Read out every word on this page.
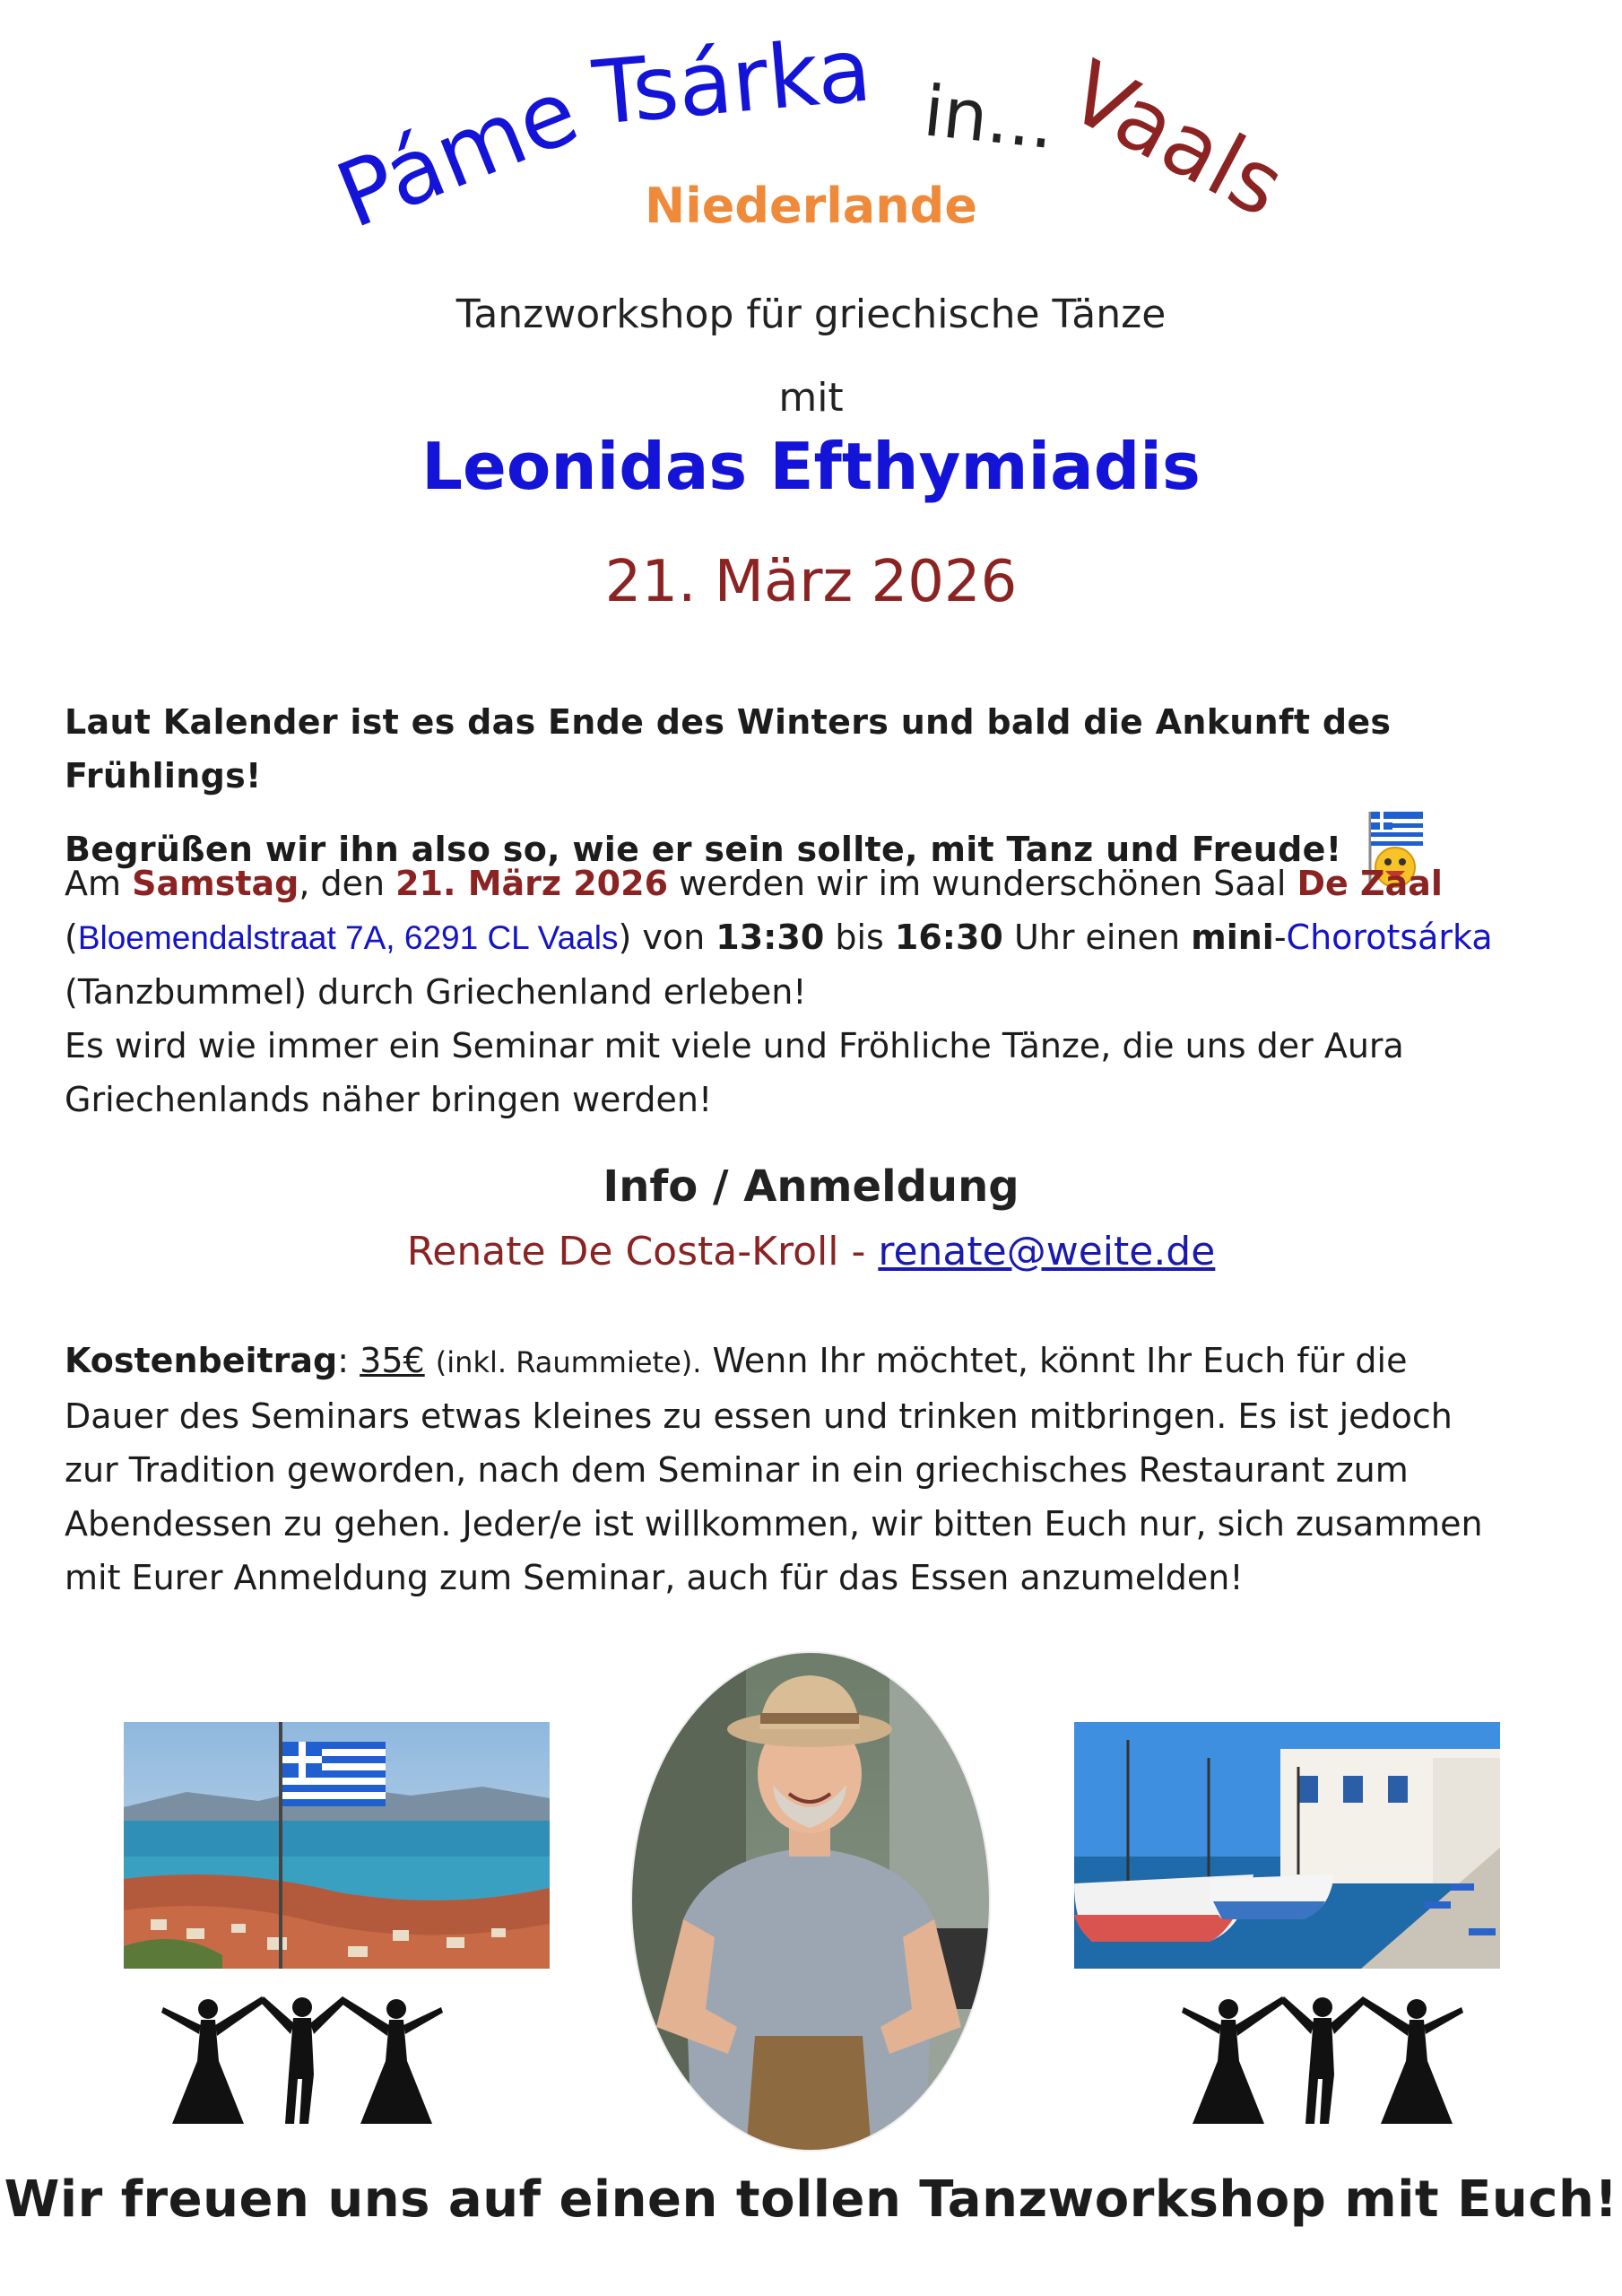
Páme
Tsárka in...
Vaals
Niederlande
Tanzworkshop für griechische Tänze
mit
Leonidas Efthymiadis
21. März 2026
Laut Kalender ist es das Ende des Winters und bald die Ankunft des Frühlings!
Begrüßen wir ihn also so, wie er sein sollte, mit Tanz und Freude!
Am Samstag, den 21. März 2026 werden wir im wunderschönen Saal De Zaal
(Bloemendalstraat 7A, 6291 CL Vaals) von 13:30 bis 16:30 Uhr einen mini-Chorotsárka
(Tanzbummel) durch Griechenland erleben!
Es wird wie immer ein Seminar mit viele und Fröhliche Tänze, die uns der Aura
Griechenlands näher bringen werden!
Info / Anmeldung
Renate De Costa-Kroll - renate@weite.de
Kostenbeitrag: 35€ (inkl. Raummiete). Wenn Ihr möchtet, könnt Ihr Euch für die
Dauer des Seminars etwas kleines zu essen und trinken mitbringen. Es ist jedoch
zur Tradition geworden, nach dem Seminar in ein griechisches Restaurant zum
Abendessen zu gehen. Jeder/e ist willkommen, wir bitten Euch nur, sich zusammen
mit Eurer Anmeldung zum Seminar, auch für das Essen anzumelden!
Wir freuen uns auf einen tollen Tanzworkshop mit Euch!
